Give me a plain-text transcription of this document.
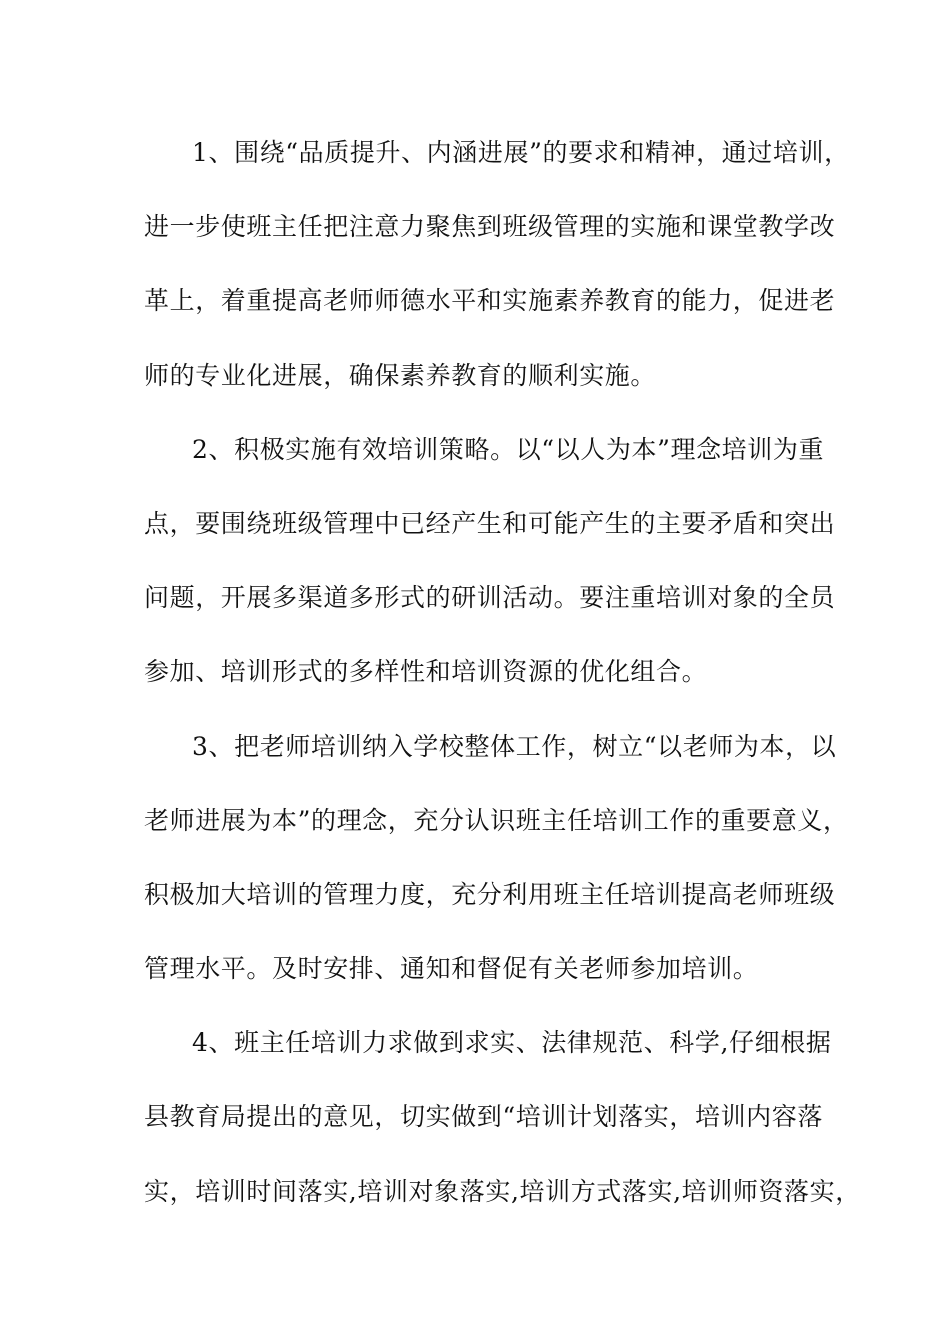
1、围绕“品质提升、内涵进展”的要求和精神，通过培训，
进一步使班主任把注意力聚焦到班级管理的实施和课堂教学改
革上，着重提高老师师德水平和实施素养教育的能力，促进老
师的专业化进展，确保素养教育的顺利实施。
2、积极实施有效培训策略。以“以人为本”理念培训为重
点，要围绕班级管理中已经产生和可能产生的主要矛盾和突出
问题，开展多渠道多形式的研训活动。要注重培训对象的全员
参加、培训形式的多样性和培训资源的优化组合。
3、把老师培训纳入学校整体工作，树立“以老师为本，以
老师进展为本”的理念，充分认识班主任培训工作的重要意义，
积极加大培训的管理力度，充分利用班主任培训提高老师班级
管理水平。及时安排、通知和督促有关老师参加培训。
4、班主任培训力求做到求实、法律规范、科学,仔细根据
县教育局提出的意见，切实做到“培训计划落实，培训内容落
实，培训时间落实,培训对象落实,培训方式落实,培训师资落实，
